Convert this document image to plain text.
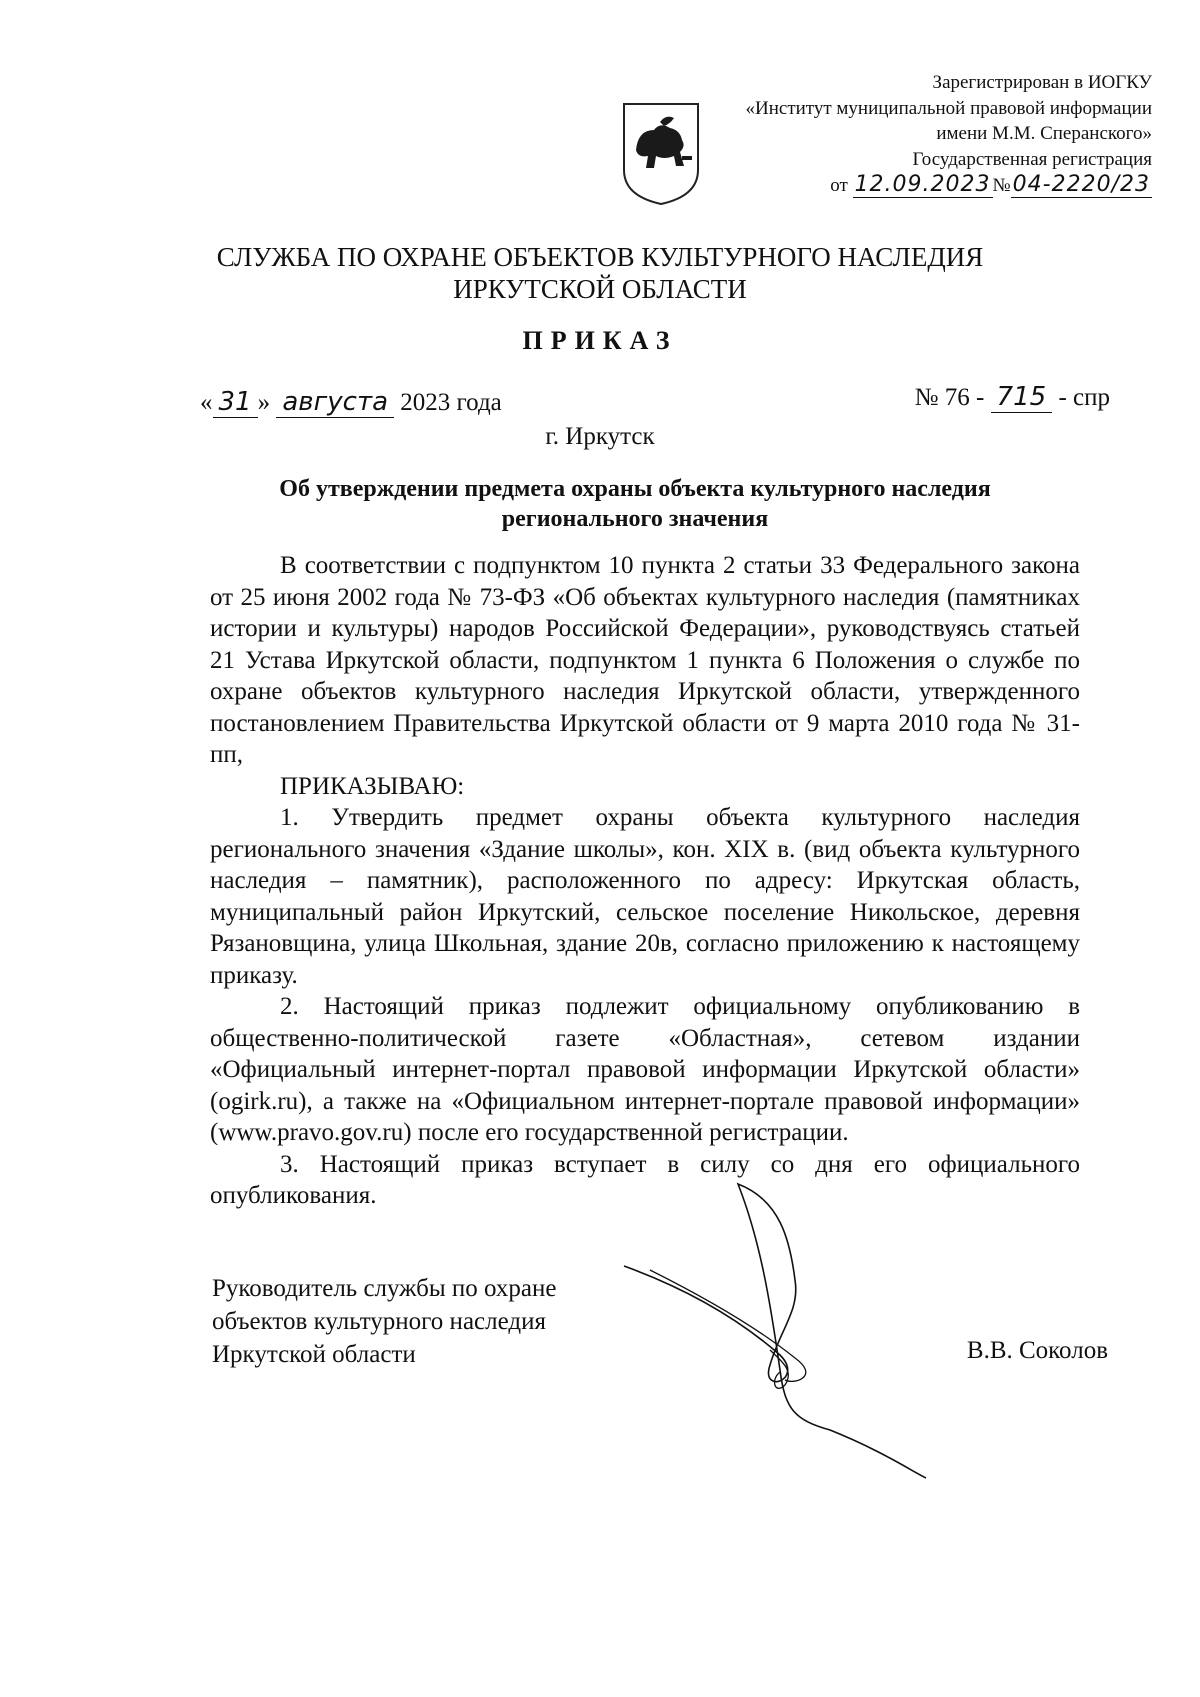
Зарегистрирован в ИОГКУ
«Институт муниципальной правовой информации
имени М.М. Сперанского»
Государственная регистрация
от 12.09.2023 №04-2220/23
СЛУЖБА ПО ОХРАНЕ ОБЪЕКТОВ КУЛЬТУРНОГО НАСЛЕДИЯ
ИРКУТСКОЙ ОБЛАСТИ
ПРИКАЗ
« 31 » августа 2023 года	№ 76 - 715 - спр
г. Иркутск
Об утверждении предмета охраны объекта культурного наследия
регионального значения

В соответствии с подпунктом 10 пункта 2 статьи 33 Федерального закона от 25 июня 2002 года № 73-ФЗ «Об объектах культурного наследия (памятниках истории и культуры) народов Российской Федерации», руководствуясь статьей 21 Устава Иркутской области, подпунктом 1 пункта 6 Положения о службе по охране объектов культурного наследия Иркутской области, утвержденного постановлением Правительства Иркутской области от 9 марта 2010 года № 31-пп,

ПРИКАЗЫВАЮ:

1. Утвердить предмет охраны объекта культурного наследия регионального значения «Здание школы», кон. XIX в. (вид объекта культурного наследия – памятник), расположенного по адресу: Иркутская область, муниципальный район Иркутский, сельское поселение Никольское, деревня Рязановщина, улица Школьная, здание 20в, согласно приложению к настоящему приказу.

2. Настоящий приказ подлежит официальному опубликованию в общественно-политической газете «Областная», сетевом издании «Официальный интернет-портал правовой информации Иркутской области» (ogirk.ru), а также на «Официальном интернет-портале правовой информации» (www.pravo.gov.ru) после его государственной регистрации.

3. Настоящий приказ вступает в силу со дня его официального опубликования.

Руководитель службы по охране
объектов культурного наследия
Иркутской области	В.В. Соколов
